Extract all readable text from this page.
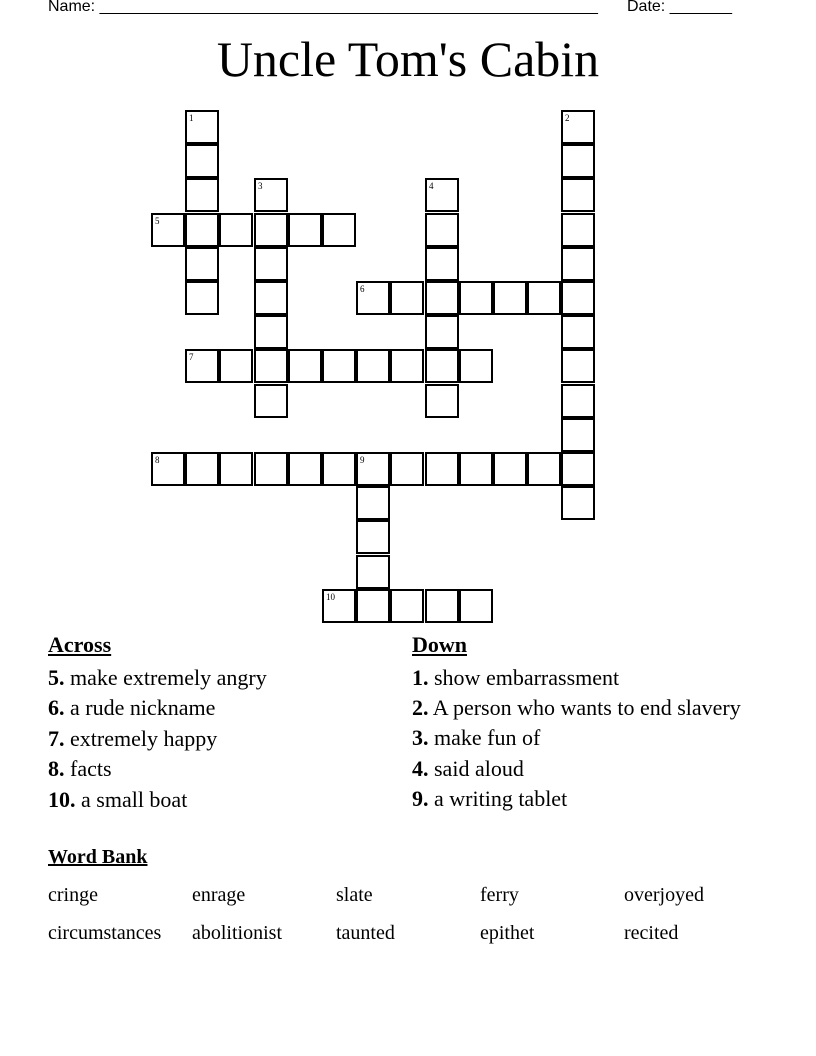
Name: ________________________________________________________ Date: _______
Uncle Tom's Cabin
1	2
3	4
5
6
7
8	9
10
Across
5. make extremely angry
6. a rude nickname
7. extremely happy
8. facts
10. a small boat
Down
1. show embarrassment
2. A person who wants to end slavery
3. make fun of
4. said aloud
9. a writing tablet
Word Bank
cringe	enrage	slate	ferry	overjoyed
circumstances abolitionist	taunted	epithet	recited
